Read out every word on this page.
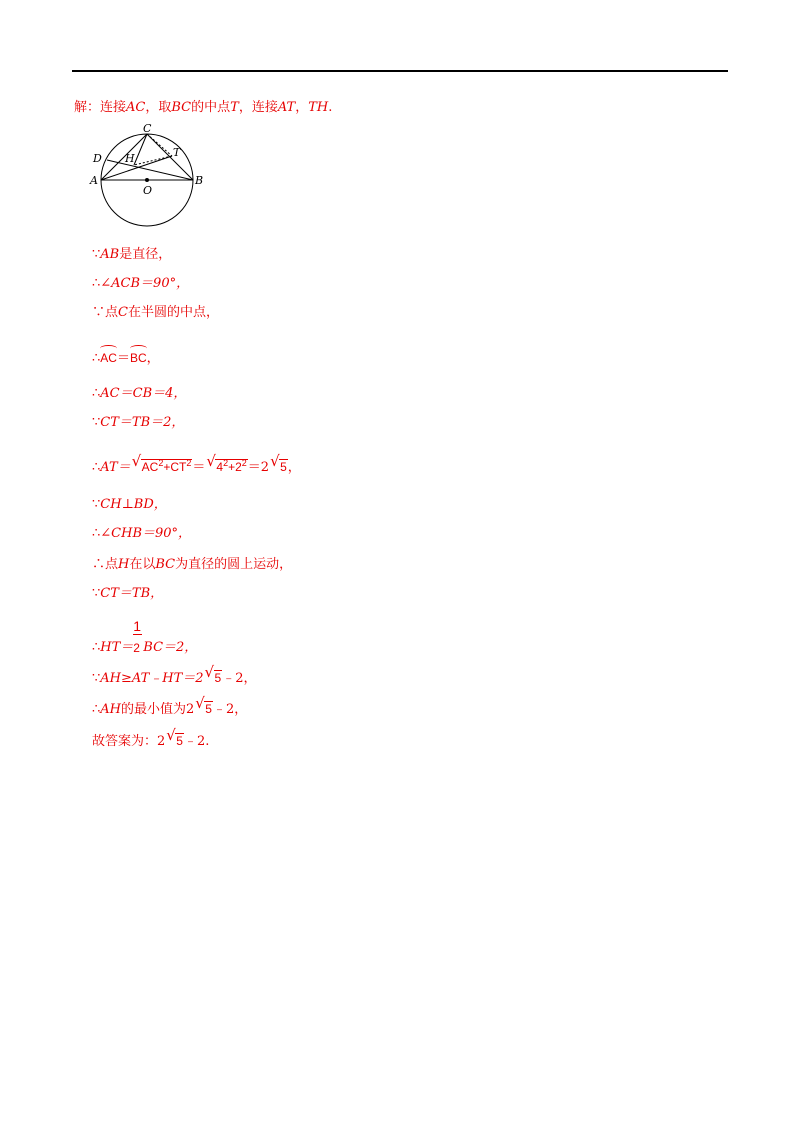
解：连接AC，取BC的中点T，连接AT，TH.
C
D H	T
A
O
B
∵AB是直径，
∴∠ACB＝90°，
∵点C在半圆的中点，
∴AC＝BC，
∴AC＝CB＝4，
∵CT＝TB＝2，
∴AT＝ √ $AC^2+CT^2=$ √ $4^2+2^2=2$ √ 5，
∵CH⊥BD，
∴∠CHB＝90°，
∴点H在以BC为直径的圆上运动，
∵CT＝TB，
∴HT＝ $\frac{1}{2}BC=2$，
∵AH≥AT﹣HT＝2 √ 5﹣2，
∴AH的最小值为2 √ 5﹣2，
故答案为：2 √ 5﹣2.
